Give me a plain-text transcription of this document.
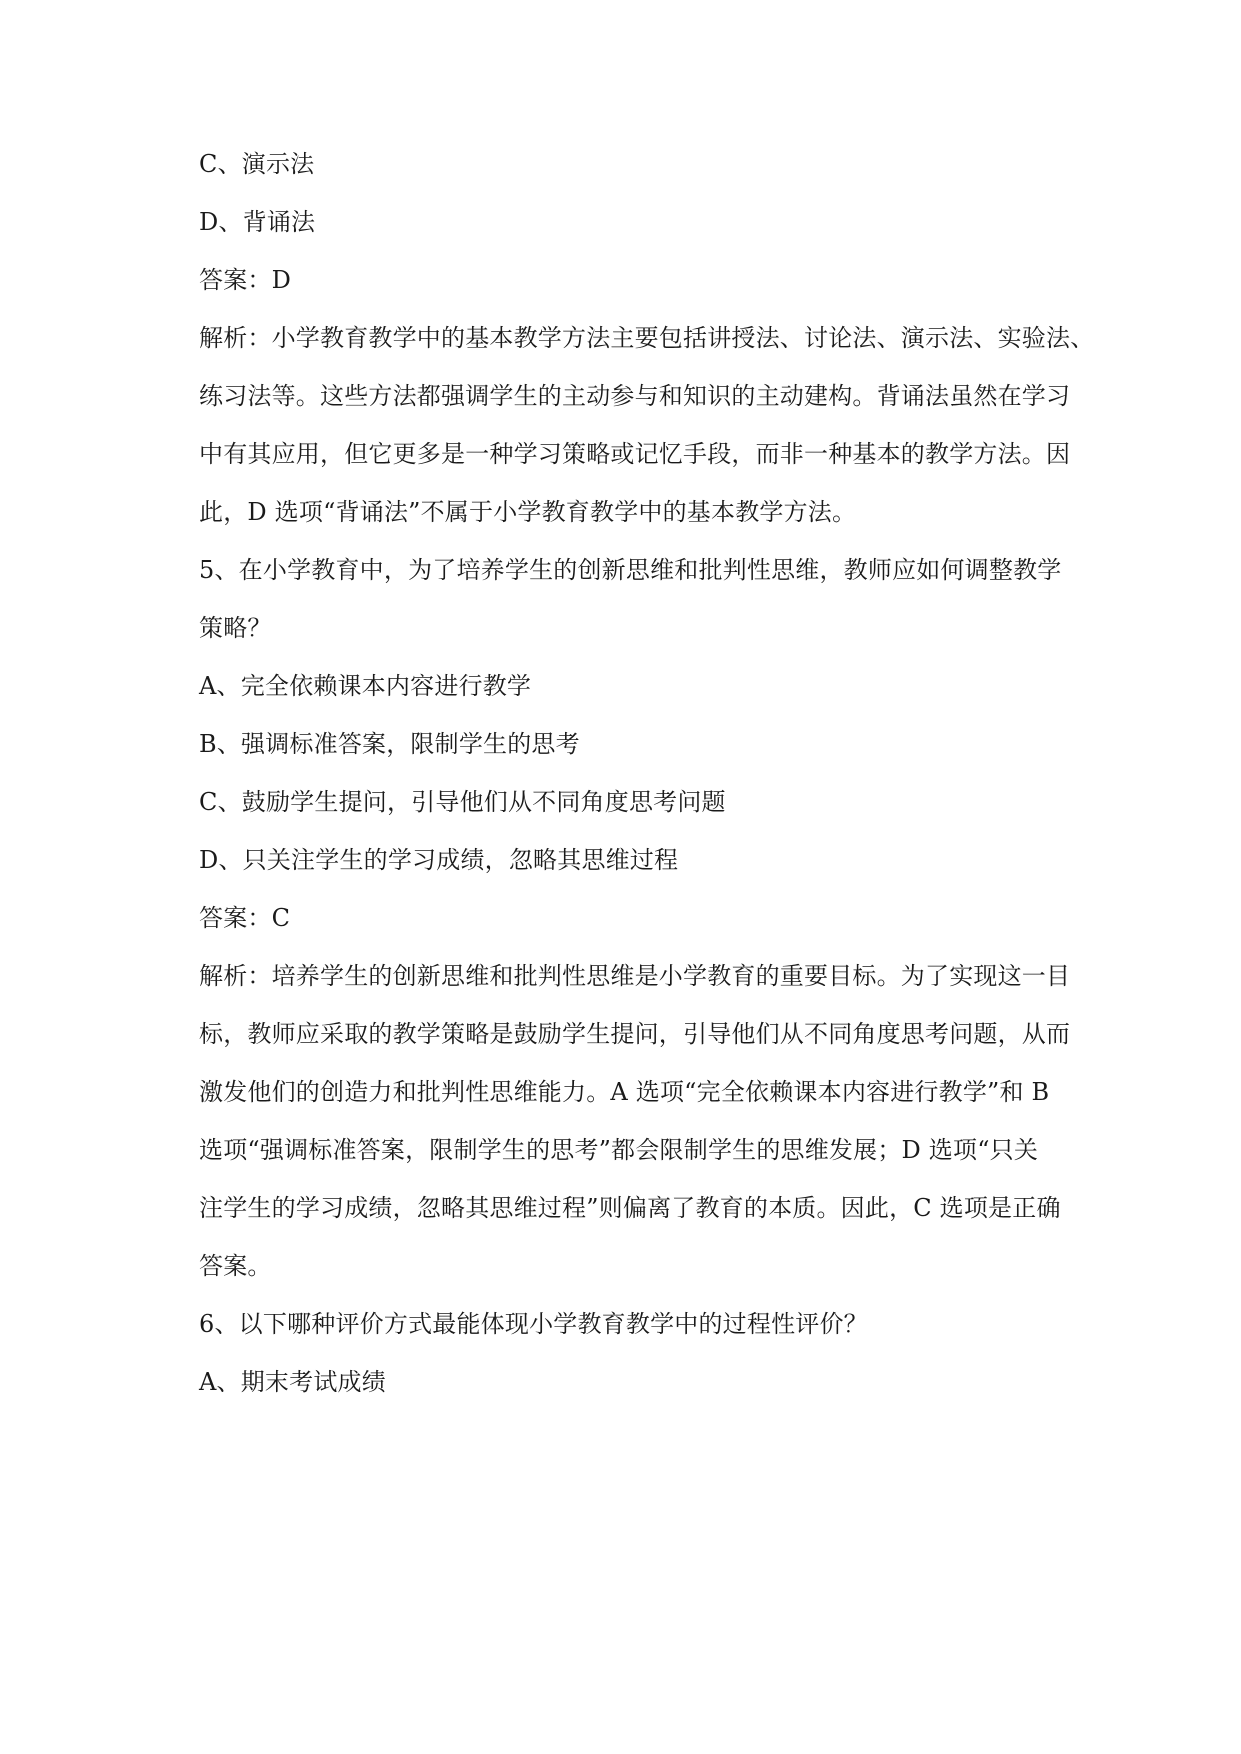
C、演示法
D、背诵法
答案：D
解析：小学教育教学中的基本教学方法主要包括讲授法、讨论法、演示法、实验法、
练习法等。这些方法都强调学生的主动参与和知识的主动建构。背诵法虽然在学习
中有其应用，但它更多是一种学习策略或记忆手段，而非一种基本的教学方法。因
此，D 选项“背诵法”不属于小学教育教学中的基本教学方法。
5、在小学教育中，为了培养学生的创新思维和批判性思维，教师应如何调整教学
策略？
A、完全依赖课本内容进行教学
B、强调标准答案，限制学生的思考
C、鼓励学生提问，引导他们从不同角度思考问题
D、只关注学生的学习成绩，忽略其思维过程
答案：C
解析：培养学生的创新思维和批判性思维是小学教育的重要目标。为了实现这一目
标，教师应采取的教学策略是鼓励学生提问，引导他们从不同角度思考问题，从而
激发他们的创造力和批判性思维能力。A 选项“完全依赖课本内容进行教学”和 B
选项“强调标准答案，限制学生的思考”都会限制学生的思维发展；D 选项“只关
注学生的学习成绩，忽略其思维过程”则偏离了教育的本质。因此，C 选项是正确
答案。
6、以下哪种评价方式最能体现小学教育教学中的过程性评价？
A、期末考试成绩
